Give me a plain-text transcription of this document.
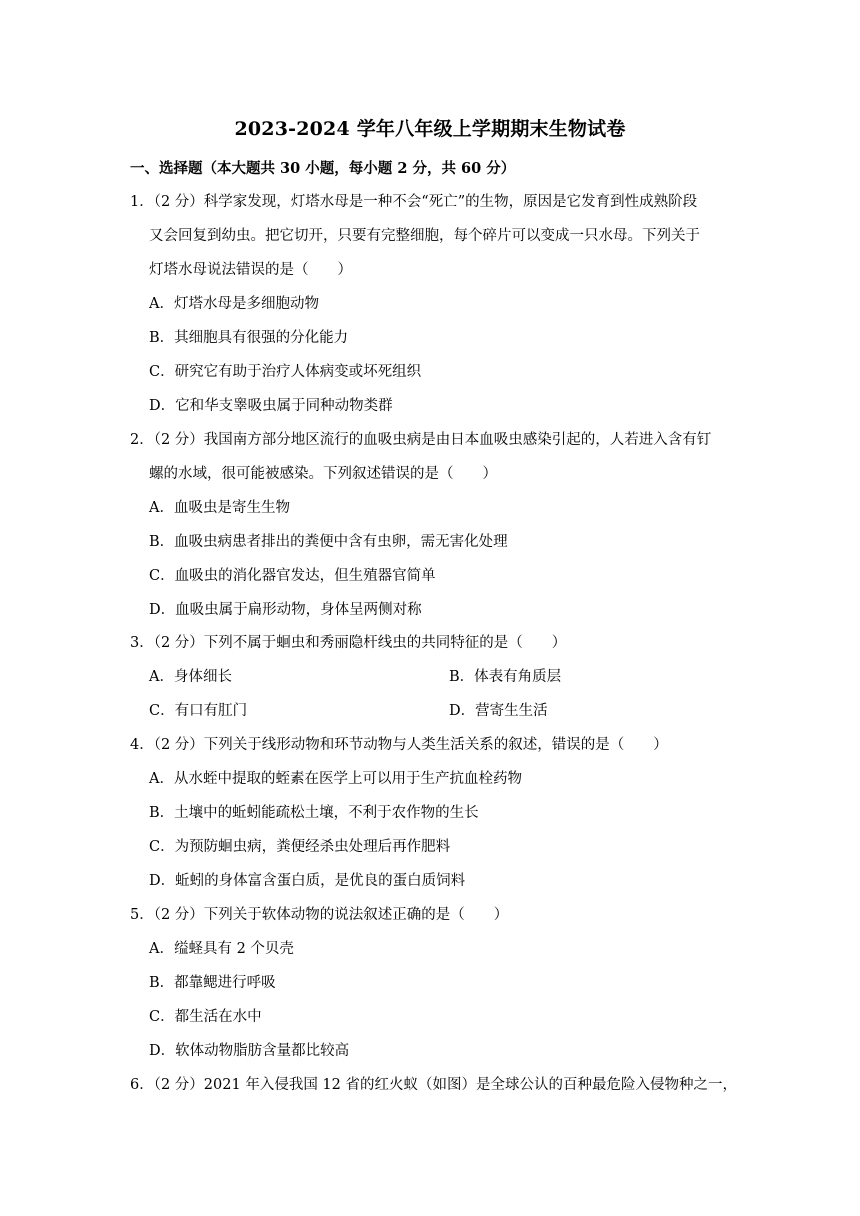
2023-2024 学年八年级上学期期末生物试卷
一、选择题（本大题共 30 小题，每小题 2 分，共 60 分）
1．（2 分）科学家发现，灯塔水母是一种不会“死亡”的生物，原因是它发育到性成熟阶段
又会回复到幼虫。把它切开，只要有完整细胞，每个碎片可以变成一只水母。下列关于
灯塔水母说法错误的是（　　）
A．灯塔水母是多细胞动物
B．其细胞具有很强的分化能力
C．研究它有助于治疗人体病变或坏死组织
D．它和华支睾吸虫属于同种动物类群
2．（2 分）我国南方部分地区流行的血吸虫病是由日本血吸虫感染引起的，人若进入含有钉
螺的水域，很可能被感染。下列叙述错误的是（　　）
A．血吸虫是寄生生物
B．血吸虫病患者排出的粪便中含有虫卵，需无害化处理
C．血吸虫的消化器官发达，但生殖器官简单
D．血吸虫属于扁形动物，身体呈两侧对称
3．（2 分）下列不属于蛔虫和秀丽隐杆线虫的共同特征的是（　　）
A．身体细长	B．体表有角质层
C．有口有肛门	D．营寄生生活
4．（2 分）下列关于线形动物和环节动物与人类生活关系的叙述，错误的是（　　）
A．从水蛭中提取的蛭素在医学上可以用于生产抗血栓药物
B．土壤中的蚯蚓能疏松土壤，不利于农作物的生长
C．为预防蛔虫病，粪便经杀虫处理后再作肥料
D．蚯蚓的身体富含蛋白质，是优良的蛋白质饲料
5．（2 分）下列关于软体动物的说法叙述正确的是（　　）
A．缢蛏具有 2 个贝壳
B．都靠鳃进行呼吸
C．都生活在水中
D．软体动物脂肪含量都比较高
6．（2 分）2021 年入侵我国 12 省的红火蚁（如图）是全球公认的百种最危险入侵物种之一，
